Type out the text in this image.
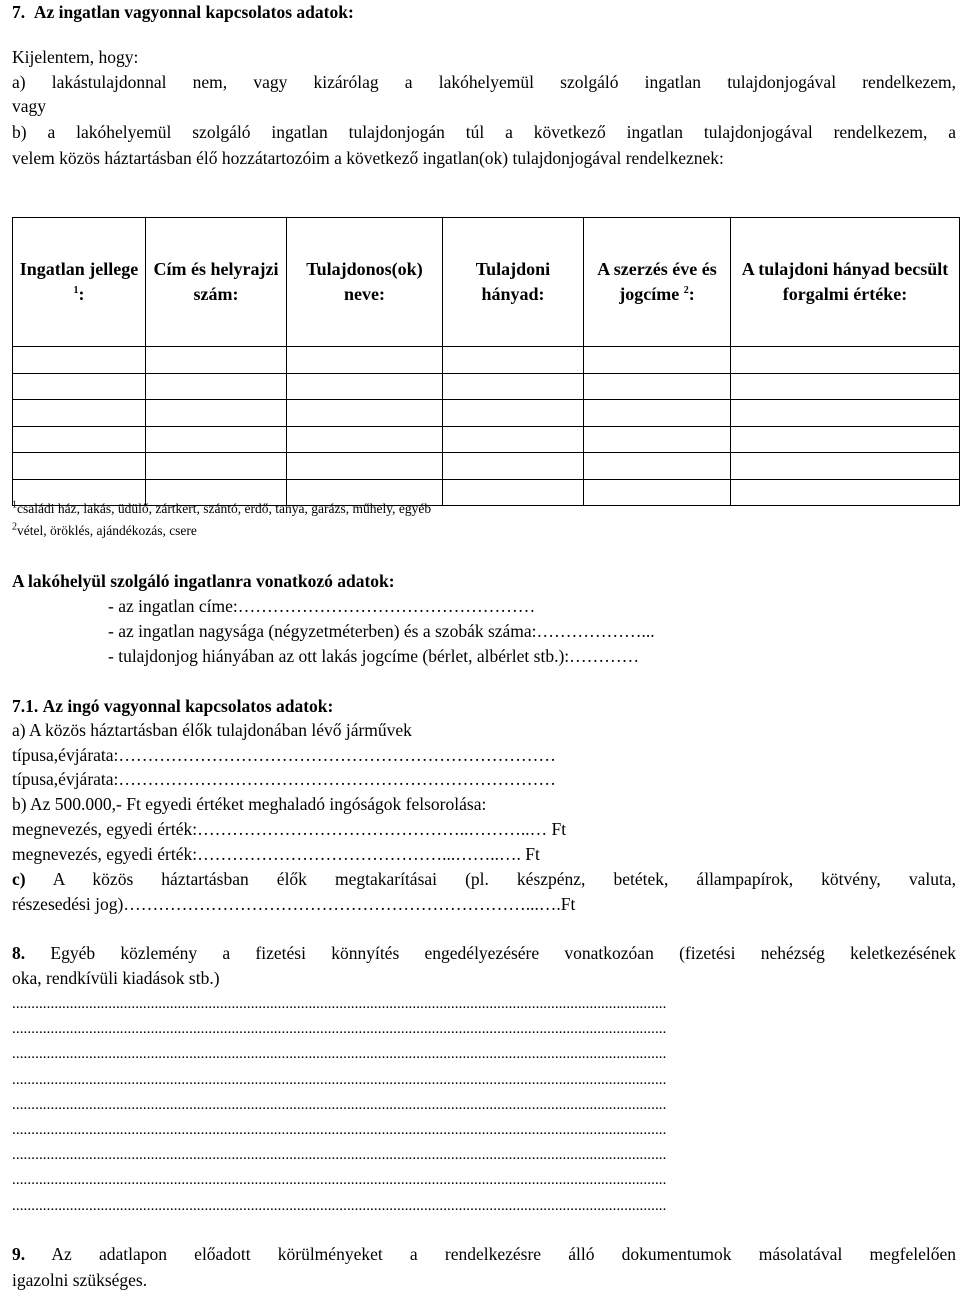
7. Az ingatlan vagyonnal kapcsolatos adatok:
Kijelentem, hogy:
a) lakástulajdonnal nem, vagy kizárólag a lakóhelyemül szolgáló ingatlan tulajdonjogával rendelkezem,
vagy
b) a lakóhelyemül szolgáló ingatlan tulajdonjogán túl a következő ingatlan tulajdonjogával rendelkezem, a
velem közös háztartásban élő hozzátartozóim a következő ingatlan(ok) tulajdonjogával rendelkeznek:
Ingatlan jellege $^1$:	Cím és helyrajzi szám:	Tulajdonos(ok) neve:	Tulajdoni hányad:	A szerzés éve és jogcíme $^2$:	A tulajdoni hányad becsült forgalmi értéke:

$^1$családi ház, lakás, üdülő, zártkert, szántó, erdő, tanya, garázs, műhely, egyéb
$^2$vétel, öröklés, ajándékozás, csere
A lakóhelyül szolgáló ingatlanra vonatkozó adatok:
- az ingatlan címe:……………………………………………
- az ingatlan nagysága (négyzetméterben) és a szobák száma:………………...
- tulajdonjog hiányában az ott lakás jogcíme (bérlet, albérlet stb.):…………
7.1. Az ingó vagyonnal kapcsolatos adatok:
a) A közös háztartásban élők tulajdonában lévő járművek
típusa,évjárata:…………………………………………………………………
típusa,évjárata:…………………………………………………………………
b) Az 500.000,- Ft egyedi értéket meghaladó ingóságok felsorolása:
megnevezés, egyedi érték:………………………………………..………..… Ft
megnevezés, egyedi érték:……………………………………...……..…. Ft
c) A közös háztartásban élők megtakarításai (pl. készpénz, betétek, állampapírok, kötvény, valuta,
részesedési jog)……………………………………………………………...….Ft
8. Egyéb közlemény a fizetési könnyítés engedélyezésére vonatkozóan (fizetési nehézség keletkezésének
oka, rendkívüli kiadások stb.)
..........................................................................................................................................................................
..........................................................................................................................................................................
..........................................................................................................................................................................
..........................................................................................................................................................................
..........................................................................................................................................................................
..........................................................................................................................................................................
..........................................................................................................................................................................
..........................................................................................................................................................................
..........................................................................................................................................................................
9. Az adatlapon előadott körülményeket a rendelkezésre álló dokumentumok másolatával megfelelően
igazolni szükséges.
